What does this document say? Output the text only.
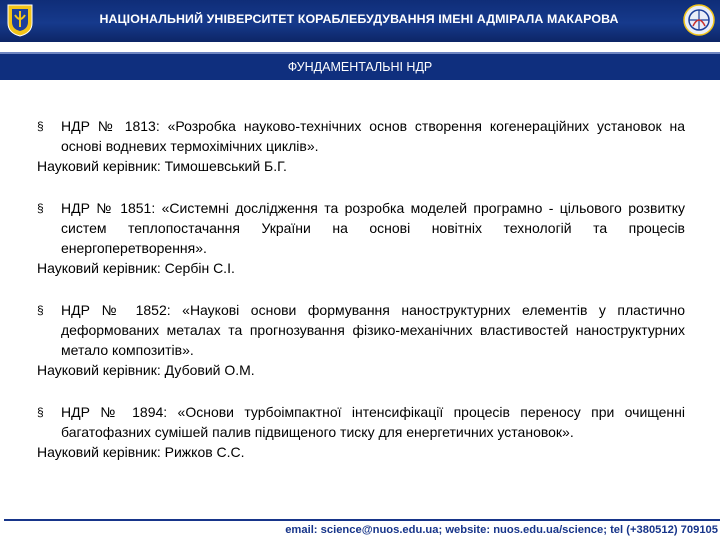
НАЦІОНАЛЬНИЙ УНІВЕРСИТЕТ КОРАБЛЕБУДУВАННЯ ІМЕНІ АДМІРАЛА МАКАРОВА
ФУНДАМЕНТАЛЬНІ НДР

§ НДР № 1813: «Розробка науково-технічних основ створення когенераційних установок на основі водневих термохімічних циклів».

Науковий керівник: Тимошевський Б.Г.

§ НДР № 1851: «Системні дослідження та розробка моделей програмно - цільового розвитку систем теплопостачання України на основі новітніх технологій та процесів енергоперетворення».

Науковий керівник: Сербін С.І.

§ НДР № 1852: «Наукові основи формування наноструктурних елементів у пластично деформованих металах та прогнозування фізико-механічних властивостей наноструктурних метало композитів».

Науковий керівник: Дубовий О.М.

§ НДР № 1894: «Основи турбоімпактної інтенсифікації процесів переносу при очищенні багатофазних сумішей палив підвищеного тиску для енергетичних установок».

Науковий керівник: Рижков С.С.

email: science@nuos.edu.ua; website: nuos.edu.ua/science; tel (+380512) 709105
